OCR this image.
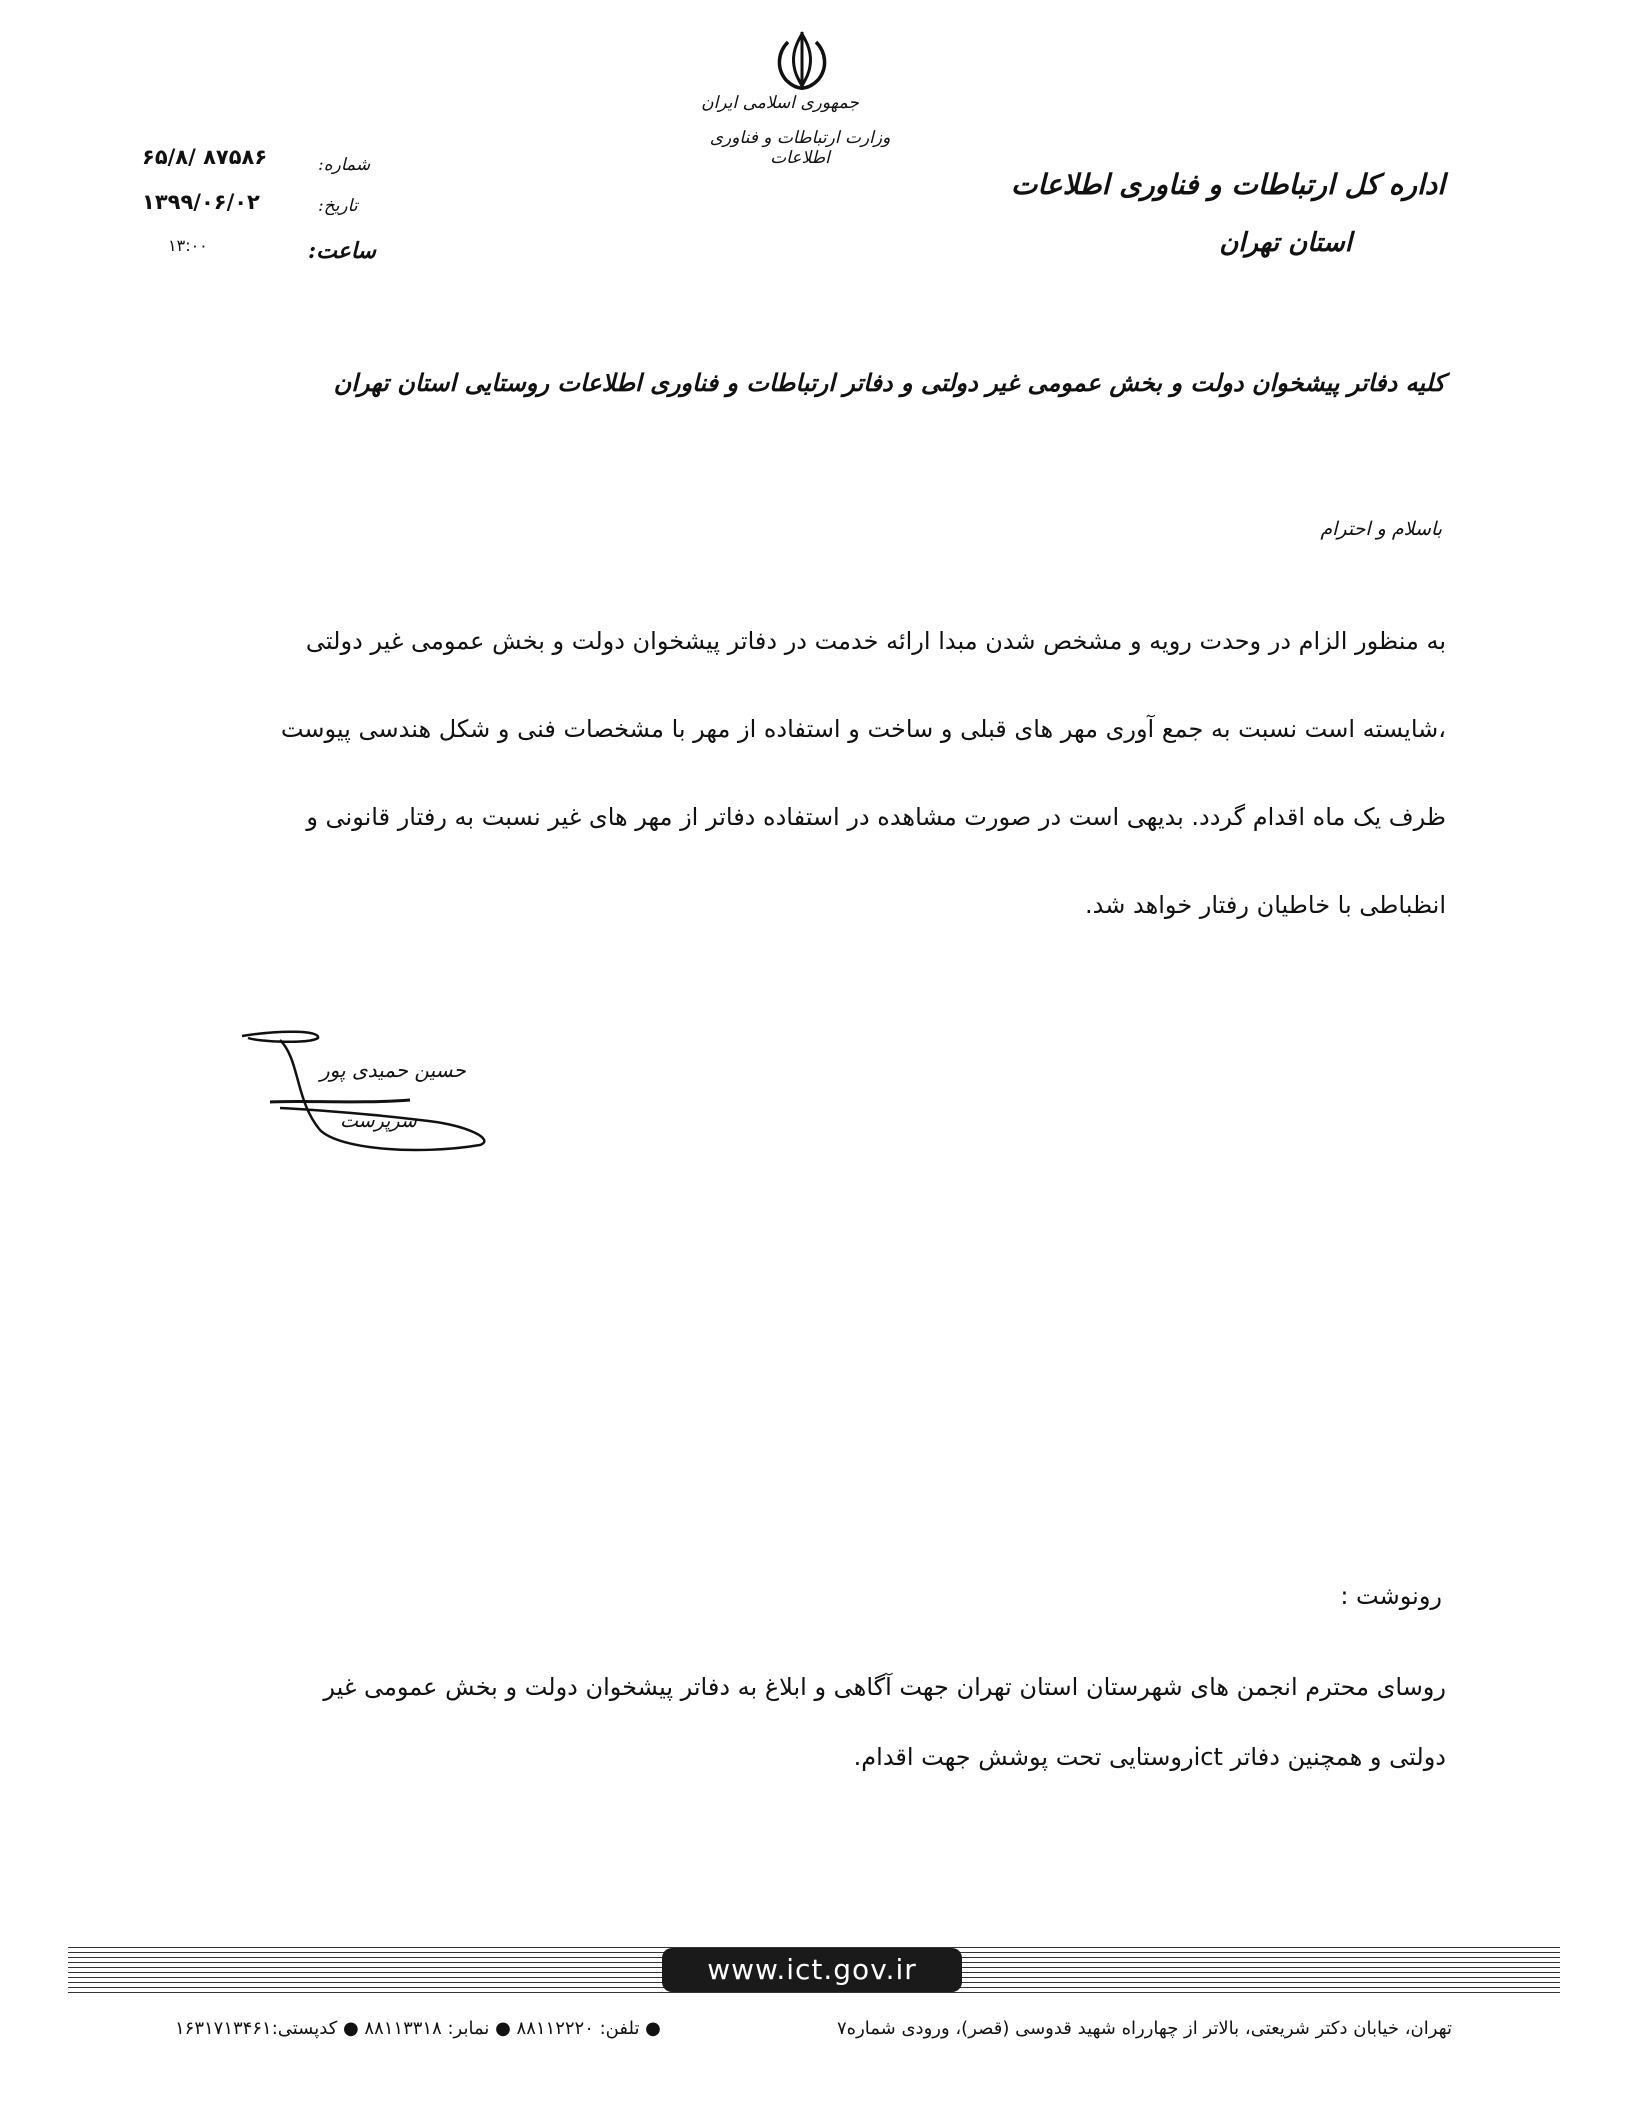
جمهوری اسلامی ایران
وزارت ارتباطات و فناوری اطلاعات
اداره کل ارتباطات و فناوری اطلاعات
استان تهران
شماره:
تاریخ:
ساعت:
۶۵/۸/ ۸۷۵۸۶
۱۳۹۹/۰۶/۰۲
۱۳:۰۰
کلیه دفاتر پیشخوان دولت و بخش عمومی غیر دولتی و دفاتر ارتباطات و فناوری اطلاعات روستایی استان تهران
باسلام و احترام
به منظور الزام در وحدت رویه و مشخص شدن مبدا ارائه خدمت در دفاتر پیشخوان دولت و بخش عمومی غیر دولتی
،شایسته است نسبت به جمع آوری مهر های قبلی و ساخت و استفاده از مهر با مشخصات فنی و شکل هندسی پیوست
ظرف یک ماه اقدام گردد. بدیهی است در صورت مشاهده در استفاده دفاتر از مهر های غیر نسبت به رفتار قانونی و
انظباطی با خاطیان رفتار خواهد شد.
حسین حمیدی پور
سرپرست
رونوشت :
روسای محترم انجمن های شهرستان استان تهران جهت آگاهی و ابلاغ به دفاتر پیشخوان دولت و بخش عمومی غیر
دولتی و همچنین دفاتر ictروستایی تحت پوشش جهت اقدام.
www.ict.gov.ir
تهران، خیابان دکتر شریعتی، بالاتر از چهارراه شهید قدوسی (قصر)، ورودی شماره۷
● تلفن: ۸۸۱۱۲۲۲۰ ● نمابر: ۸۸۱۱۳۳۱۸ ● کدپستی:۱۶۳۱۷۱۳۴۶۱
